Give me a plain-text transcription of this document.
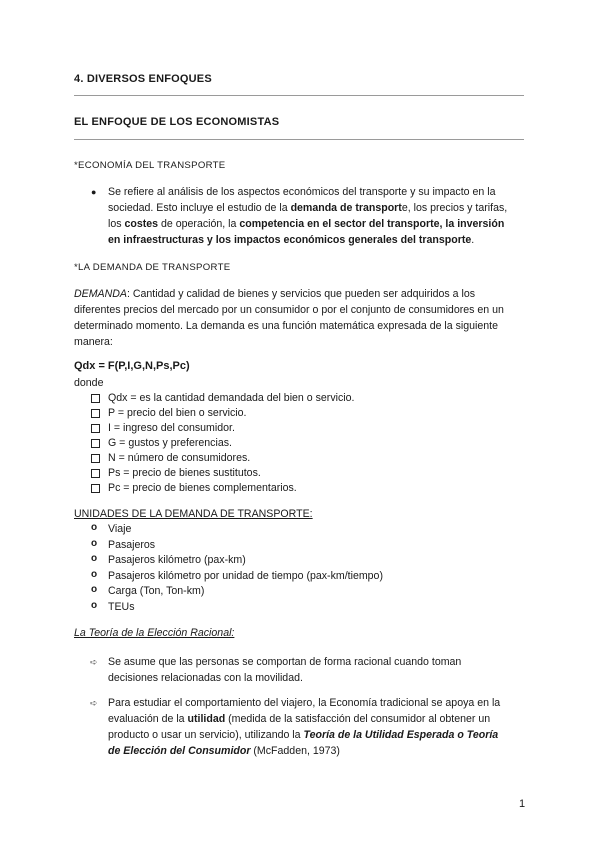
4. DIVERSOS ENFOQUES
EL ENFOQUE DE LOS ECONOMISTAS
*ECONOMÍA DEL TRANSPORTE
● Se refiere al análisis de los aspectos económicos del transporte y su impacto en la
sociedad. Esto incluye el estudio de la demanda de transporte, los precios y tarifas,
los costes de operación, la competencia en el sector del transporte, la inversión
en infraestructuras y los impactos económicos generales del transporte.
*LA DEMANDA DE TRANSPORTE
DEMANDA: Cantidad y calidad de bienes y servicios que pueden ser adquiridos a los
diferentes precios del mercado por un consumidor o por el conjunto de consumidores en un
determinado momento. La demanda es una función matemática expresada de la siguiente
manera:
Qdx = F(P,I,G,N,Ps,Pc)
donde
Qdx = es la cantidad demandada del bien o servicio.
P = precio del bien o servicio.
I = ingreso del consumidor.
G = gustos y preferencias.
N = número de consumidores.
Ps = precio de bienes sustitutos.
Pc = precio de bienes complementarios.
UNIDADES DE LA DEMANDA DE TRANSPORTE:
o Viaje
o Pasajeros
o Pasajeros kilómetro (pax-km)
o Pasajeros kilómetro por unidad de tiempo (pax-km/tiempo)
o Carga (Ton, Ton-km)
o TEUs
La Teoría de la Elección Racional:
➪ Se asume que las personas se comportan de forma racional cuando toman
decisiones relacionadas con la movilidad.
➪ Para estudiar el comportamiento del viajero, la Economía tradicional se apoya en la
evaluación de la utilidad (medida de la satisfacción del consumidor al obtener un
producto o usar un servicio), utilizando la Teoría de la Utilidad Esperada o Teoría
de Elección del Consumidor (McFadden, 1973)
1
